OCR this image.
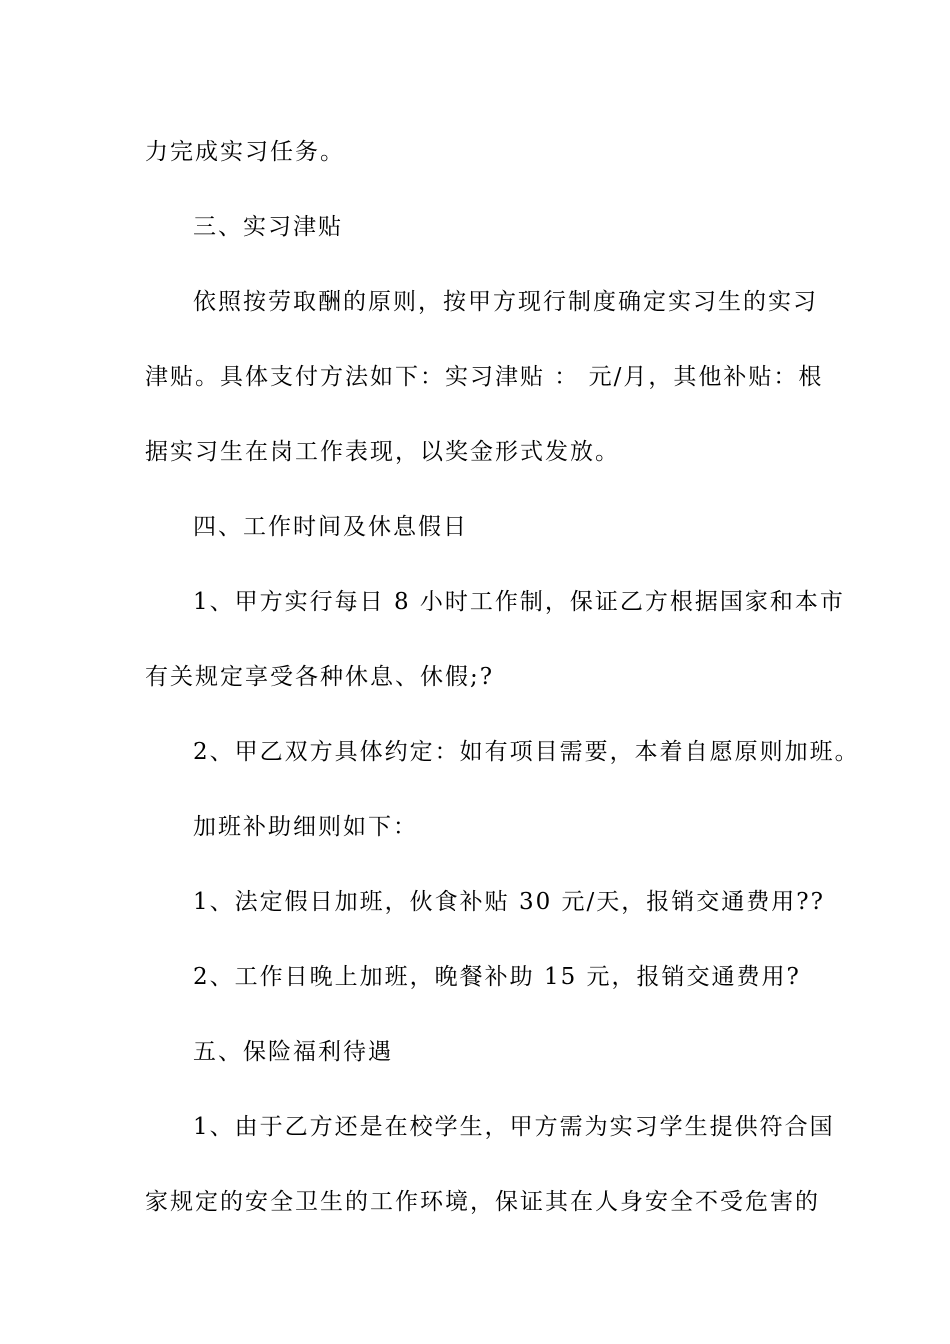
力完成实习任务。
三、实习津贴
依照按劳取酬的原则，按甲方现行制度确定实习生的实习
津贴。具体支付方法如下：实习津贴 ： 元/月，其他补贴：根
据实习生在岗工作表现，以奖金形式发放。
四、工作时间及休息假日
1、甲方实行每日 8 小时工作制，保证乙方根据国家和本市
有关规定享受各种休息、休假;?
2、甲乙双方具体约定：如有项目需要，本着自愿原则加班。
加班补助细则如下：
1、法定假日加班，伙食补贴 30 元/天，报销交通费用??
2、工作日晚上加班，晚餐补助 15 元，报销交通费用?
五、保险福利待遇
1、由于乙方还是在校学生，甲方需为实习学生提供符合国
家规定的安全卫生的工作环境，保证其在人身安全不受危害的
